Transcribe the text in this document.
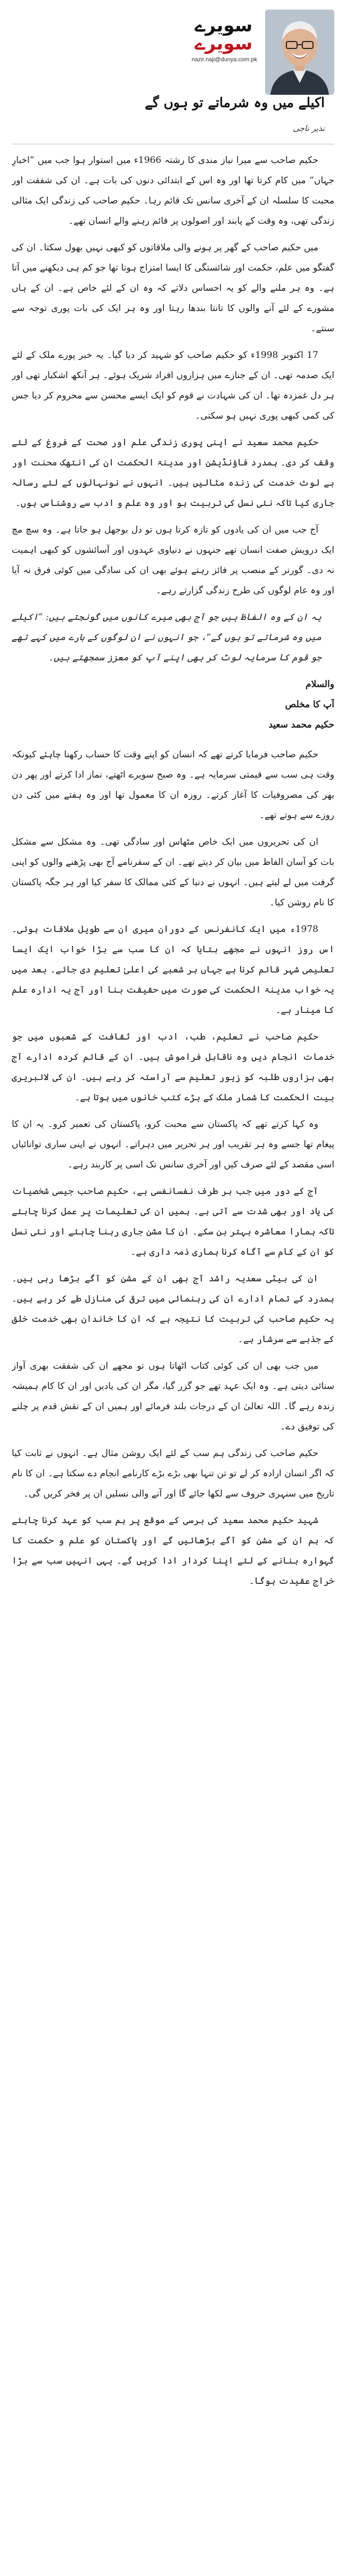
سویرے
سویرے
nazir.naji@dunya.com.pk
اکیلے میں وہ شرماتے تو ہوں گے
نذیر ناجی

حکیم صاحب سے میرا نیاز مندی کا رشتہ 1966ء میں استوار ہوا جب میں ”اخبارِ جہاں“ میں کام کرتا تھا اور وہ اس کے ابتدائی دنوں کی بات ہے۔ ان کی شفقت اور محبت کا سلسلہ ان کے آخری سانس تک قائم رہا۔ حکیم صاحب کی زندگی ایک مثالی زندگی تھی، وہ وقت کے پابند اور اصولوں پر قائم رہنے والے انسان تھے۔

میں حکیم صاحب کے گھر پر ہونے والی ملاقاتوں کو کبھی نہیں بھول سکتا۔ ان کی گفتگو میں علم، حکمت اور شائستگی کا ایسا امتزاج ہوتا تھا جو کم ہی دیکھنے میں آتا ہے۔ وہ ہر ملنے والے کو یہ احساس دلاتے کہ وہ ان کے لئے خاص ہے۔ ان کے ہاں مشورے کے لئے آنے والوں کا تانتا بندھا رہتا اور وہ ہر ایک کی بات پوری توجہ سے سنتے۔

17 اکتوبر 1998ء کو حکیم صاحب کو شہید کر دیا گیا۔ یہ خبر پورے ملک کے لئے ایک صدمہ تھی۔ ان کے جنازے میں ہزاروں افراد شریک ہوئے۔ ہر آنکھ اشکبار تھی اور ہر دل غمزدہ تھا۔ ان کی شہادت نے قوم کو ایک ایسے محسن سے محروم کر دیا جس کی کمی کبھی پوری نہیں ہو سکتی۔

حکیم محمد سعید نے اپنی پوری زندگی علم اور صحت کے فروغ کے لئے وقف کر دی۔ ہمدرد فاؤنڈیشن اور مدینۃ الحکمت ان کی انتھک محنت اور بے لوث خدمت کی زندہ مثالیں ہیں۔ انہوں نے نونہالوں کے لئے رسالہ جاری کیا تاکہ نئی نسل کی تربیت ہو اور وہ علم و ادب سے روشناس ہوں۔

آج جب میں ان کی یادوں کو تازہ کرتا ہوں تو دل بوجھل ہو جاتا ہے۔ وہ سچ مچ ایک درویش صفت انسان تھے جنہوں نے دنیاوی عہدوں اور آسائشوں کو کبھی اہمیت نہ دی۔ گورنر کے منصب پر فائز رہتے ہوئے بھی ان کی سادگی میں کوئی فرق نہ آیا اور وہ عام لوگوں کی طرح زندگی گزارتے رہے۔

یہ ان کے وہ الفاظ ہیں جو آج بھی میرے کانوں میں گونجتے ہیں: ”اکیلے میں وہ شرماتے تو ہوں گے“، جو انہوں نے ان لوگوں کے بارے میں کہے تھے جو قوم کا سرمایہ لوٹ کر بھی اپنے آپ کو معزز سمجھتے ہیں۔

والسلام

آپ کا مخلص

حکیم محمد سعید

حکیم صاحب فرمایا کرتے تھے کہ انسان کو اپنے وقت کا حساب رکھنا چاہئے کیونکہ وقت ہی سب سے قیمتی سرمایہ ہے۔ وہ صبح سویرے اٹھتے، نماز ادا کرتے اور پھر دن بھر کی مصروفیات کا آغاز کرتے۔ روزہ ان کا معمول تھا اور وہ ہفتے میں کئی دن روزے سے ہوتے تھے۔

ان کی تحریروں میں ایک خاص مٹھاس اور سادگی تھی۔ وہ مشکل سے مشکل بات کو آسان الفاظ میں بیان کر دیتے تھے۔ ان کے سفرنامے آج بھی پڑھنے والوں کو اپنی گرفت میں لے لیتے ہیں۔ انہوں نے دنیا کے کئی ممالک کا سفر کیا اور ہر جگہ پاکستان کا نام روشن کیا۔

1978ء میں ایک کانفرنس کے دوران میری ان سے طویل ملاقات ہوئی۔ اس روز انہوں نے مجھے بتایا کہ ان کا سب سے بڑا خواب ایک ایسا تعلیمی شہر قائم کرنا ہے جہاں ہر شعبے کی اعلیٰ تعلیم دی جائے۔ بعد میں یہ خواب مدینۃ الحکمت کی صورت میں حقیقت بنا اور آج یہ ادارہ علم کا مینار ہے۔

حکیم صاحب نے تعلیم، طب، ادب اور ثقافت کے شعبوں میں جو خدمات انجام دیں وہ ناقابل فراموش ہیں۔ ان کے قائم کردہ ادارے آج بھی ہزاروں طلبہ کو زیور تعلیم سے آراستہ کر رہے ہیں۔ ان کی لائبریری بیت الحکمت کا شمار ملک کے بڑے کتب خانوں میں ہوتا ہے۔

وہ کہا کرتے تھے کہ پاکستان سے محبت کرو، پاکستان کی تعمیر کرو۔ یہ ان کا پیغام تھا جسے وہ ہر تقریب اور ہر تحریر میں دہراتے۔ انہوں نے اپنی ساری توانائیاں اسی مقصد کے لئے صرف کیں اور آخری سانس تک اسی پر کاربند رہے۔

آج کے دور میں جب ہر طرف نفسانفسی ہے، حکیم صاحب جیسی شخصیات کی یاد اور بھی شدت سے آتی ہے۔ ہمیں ان کی تعلیمات پر عمل کرنا چاہئے تاکہ ہمارا معاشرہ بہتر بن سکے۔ ان کا مشن جاری رہنا چاہئے اور نئی نسل کو ان کے کام سے آگاہ کرنا ہماری ذمہ داری ہے۔

ان کی بیٹی سعدیہ راشد آج بھی ان کے مشن کو آگے بڑھا رہی ہیں۔ ہمدرد کے تمام ادارے ان کی رہنمائی میں ترقی کی منازل طے کر رہے ہیں۔ یہ حکیم صاحب کی تربیت کا نتیجہ ہے کہ ان کا خاندان بھی خدمت خلق کے جذبے سے سرشار ہے۔

میں جب بھی ان کی کوئی کتاب اٹھاتا ہوں تو مجھے ان کی شفقت بھری آواز سنائی دیتی ہے۔ وہ ایک عہد تھے جو گزر گیا، مگر ان کی یادیں اور ان کا کام ہمیشہ زندہ رہے گا۔ اللہ تعالیٰ ان کے درجات بلند فرمائے اور ہمیں ان کے نقش قدم پر چلنے کی توفیق دے۔

حکیم صاحب کی زندگی ہم سب کے لئے ایک روشن مثال ہے۔ انہوں نے ثابت کیا کہ اگر انسان ارادہ کر لے تو تن تنہا بھی بڑے بڑے کارنامے انجام دے سکتا ہے۔ ان کا نام تاریخ میں سنہری حروف سے لکھا جائے گا اور آنے والی نسلیں ان پر فخر کریں گی۔

شہید حکیم محمد سعید کی برسی کے موقع پر ہم سب کو عہد کرنا چاہئے کہ ہم ان کے مشن کو آگے بڑھائیں گے اور پاکستان کو علم و حکمت کا گہوارہ بنانے کے لئے اپنا کردار ادا کریں گے۔ یہی انہیں سب سے بڑا خراج عقیدت ہوگا۔
